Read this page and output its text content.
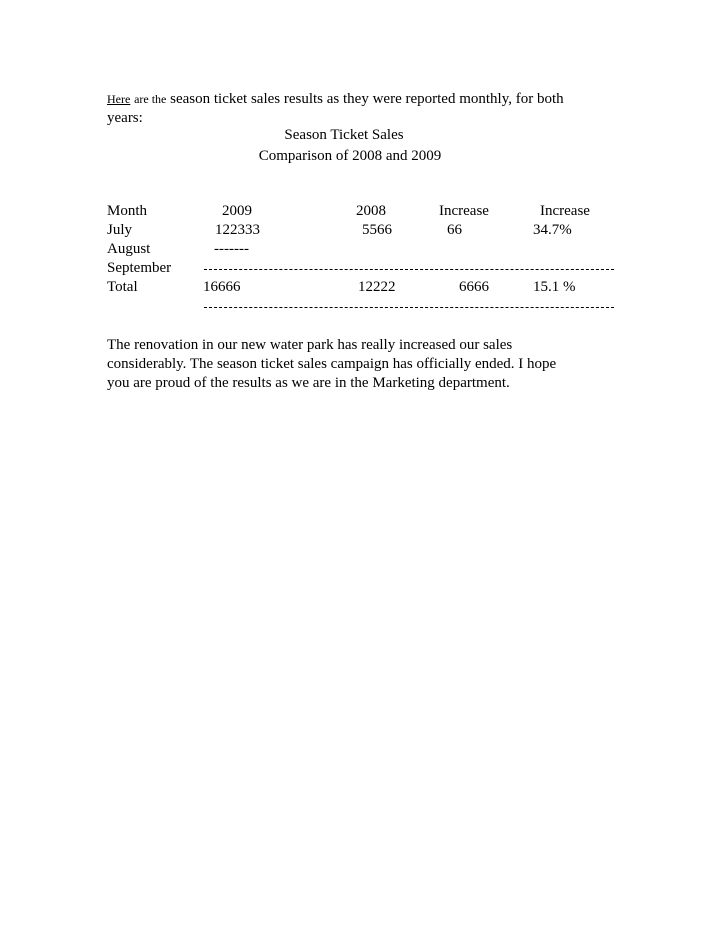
Here are the season ticket sales results as they were reported monthly, for both
years:
Season Ticket Sales
Comparison of 2008 and 2009
Month	2009	2008	Increase	Increase
July	122333	5566	66	34.7%
August	-------
September
Total	16666	12222	6666	15.1 %
The renovation in our new water park has really increased our sales
considerably. The season ticket sales campaign has officially ended. I hope
you are proud of the results as we are in the Marketing department.
